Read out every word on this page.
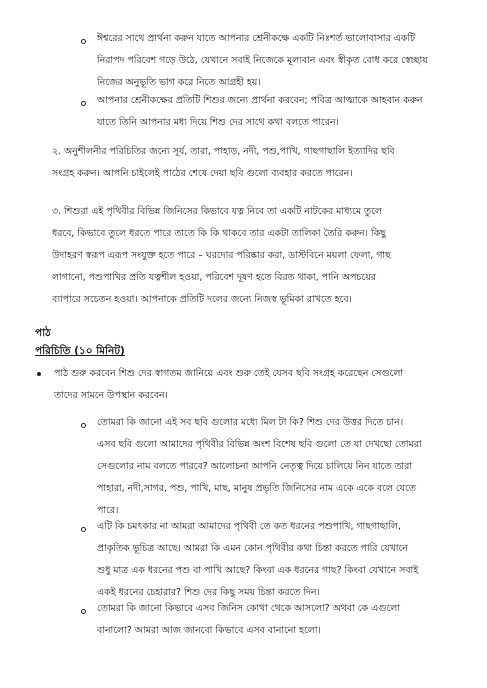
ঈশ্বরের সাথে প্রার্থনা করুন যাতে আপনার শ্রেনীকক্ষে একটি নিঃশর্ত ভালোবাসার একটি

নিরাপদ পরিবেশ গড়ে উঠে, যেখানে সবাই নিজেকে মূল্যবান এবং স্বীকৃত বোধ করে স্বেচ্ছায়

নিজের অনুভূতি ভাগ করে নিতে আগ্রহী হয়।

আপনার শ্রেনীকক্ষের প্রতিটি শিশুর জন্যে প্রার্থনা করবেন; পবিত্র আত্মাকে আহবান করুন

যাতে তিনি আপনার মধ্য দিয়ে শিশু দের সাথে কথা বলতে পারেন।

২. অনুশীলনীর পরিচিতির জন্যে সূর্য, তারা, পাহাড়, নদী, পশু,পাখি, গাছগাছালি ইত্যাদির ছবি

সংগ্রহ করুন। আপনি চাইলেই পাঠের শেষে দেয়া ছবি গুলো ব্যবহার করতে পারেন।

৩. শিশুরা এই পৃথিবীর বিভিন্ন জিনিসের কিভাবে যত্ন নিবে তা একটি নাটকের মাধ্যমে তুলে

ধরবে, কিভাবে তুলে ধরতে পারে তাতে কি কি থাকবে তার একটা তালিকা তৈরি করুন। কিছু

উদাহরণ স্বরূপ এরূপ সংযুক্ত হতে পারে – ঘরদোর পরিষ্কার করা, ডাস্টবিনে ময়লা ফেলা, গাছ

লাগানো, পশুপাখির প্রতি যত্নশীল হওয়া, পরিবেশ দূষণ হতে বিরত থাকা, পানি অপচয়ের

ব্যাপারে সচেতন হওয়া। আপনাকে প্রতিটি দলের জন্যে নিজস্ব ভূমিকা রাখতে হবে।

পাঠ
পরিচিতি (১০ মিনিট)

পাঠ শুরু করবেন শিশু দের স্বাগতম জানিয়ে এবং শুরু তেই যেসব ছবি সংগ্রহ করেছেন সেগুলো

তাদের সামনে উপস্থান করবেন।

তোমরা কি জানো এই সব ছবি গুলোর মধ্যে মিল টা কি? শিশু দের উত্তর দিতে চান।

এসব ছবি গুলো আমাদের পৃথিবীর বিভিন্ন অংশ বিশেষ ছবি গুলো তে যা দেখছো তোমরা

সেগুলোর নাম বলতে পারবে? আলোচনা আপনি নেতৃত্ব দিয়ে চালিয়ে নিন যাতে তারা

পাহারা, নদী,সাগর, পশু, পাখি, মাছ, মানুষ প্রভৃতি জিনিসের নাম একে একে বলে যেতে

পারে।

এটি কি চমৎকার না আমরা আমাদের পৃথিবী তে কত ধরনের পশুপাখি, গাছগাছালি,

প্রাকৃতিক ভূচিত্র আছে। আমরা কি এমন কোন পৃথিবীর কথা চিন্তা করতে পারি যেখানে

শুধু মাত্র এক ধরনের পশু বা পাখি আছে? কিংবা এক ধরনের গাছ? কিংবা যেখানে সবাই

একই ধরনের চেহারার? শিশু দের কিছু সময় চিন্তা করতে দিন।

তোমরা কি জানো কিভাবে এসব জিনিস কোথা থেকে আসলো? অথবা কে এগুলো

বানালো? আমরা আজ জানবো কিভাবে এসব বানানো হলো।
